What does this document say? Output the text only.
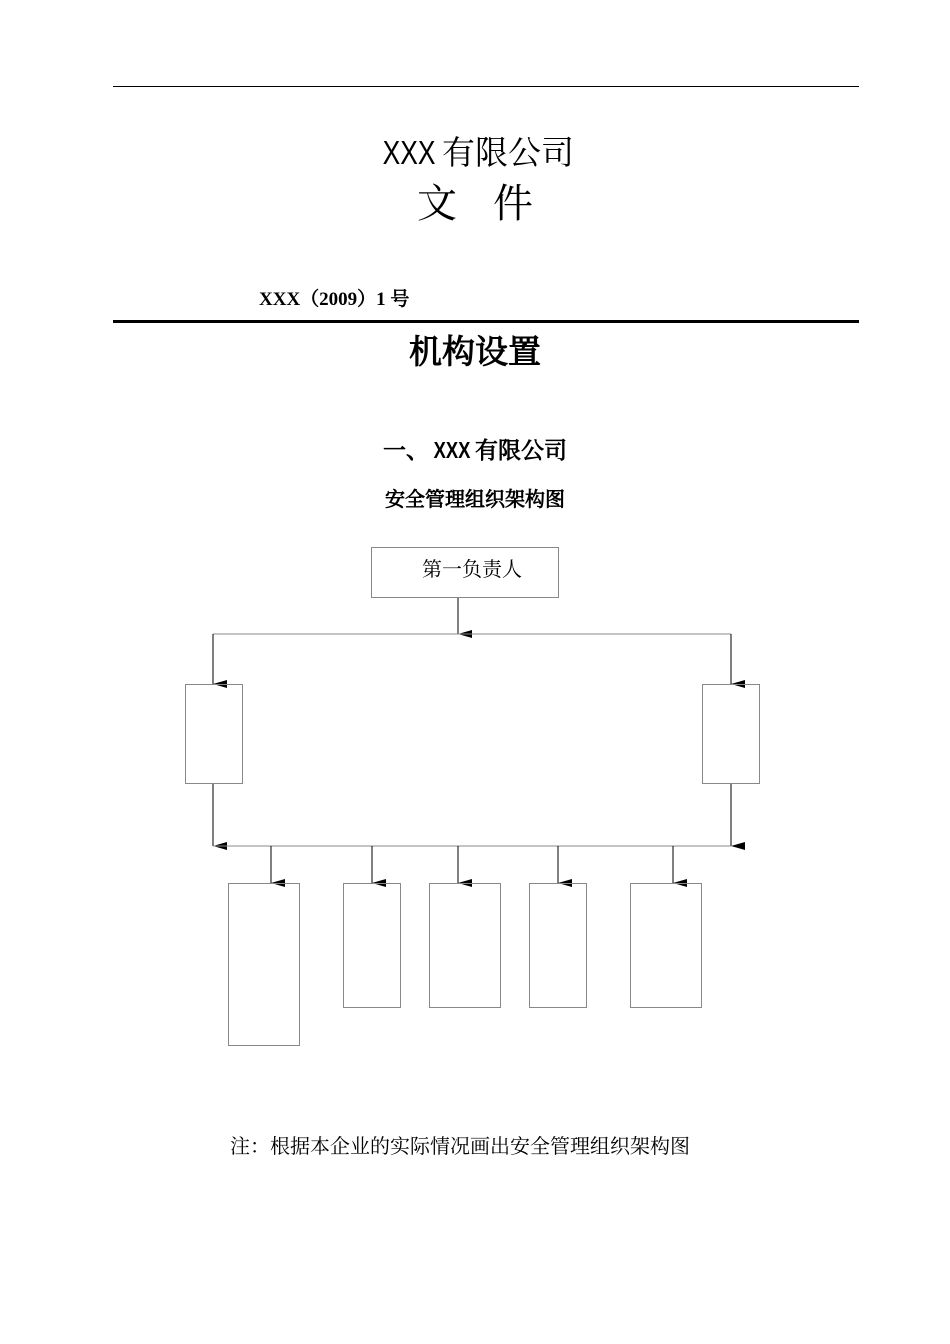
XXX 有限公司
文件
XXX（2009）1 号
机构设置
一、 XXX 有限公司
安全管理组织架构图
第一负责人
注：根据本企业的实际情况画出安全管理组织架构图
